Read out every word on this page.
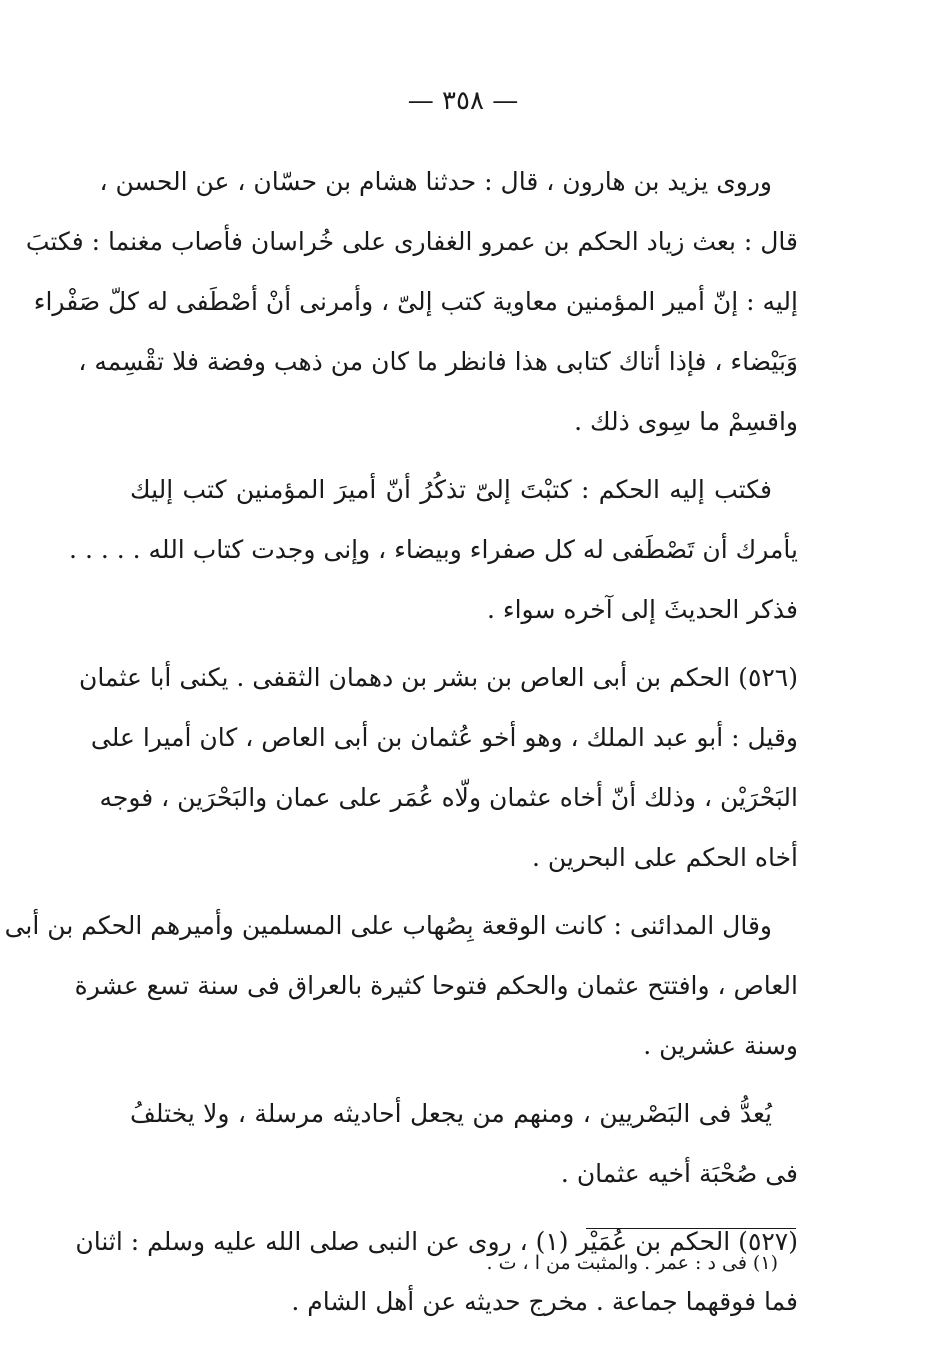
— ٣٥٨ —
وروى يزيد بن هارون ، قال : حدثنا هشام بن حسّان ، عن الحسن ،
قال : بعث زياد الحكم بن عمرو الغفارى على خُراسان فأصاب مغنما : فكتبَ
إليه : إنّ أمير المؤمنين معاوية كتب إلىّ ، وأمرنى أنْ أصْطَفى له كلّ صَفْراء
وَبَيْضاء ، فإذا أتاك كتابى هذا فانظر ما كان من ذهب وفضة فلا تقْسِمه ،
واقسِمْ ما سِوى ذلك .
فكتب إليه الحكم : كتبْتَ إلىّ تذكُرُ أنّ أميرَ المؤمنين كتب إليك
يأمرك أن تَصْطَفى له كل صفراء وبيضاء ، وإنى وجدت كتاب الله . . . . .
فذكر الحديثَ إلى آخره سواء .
(٥٢٦) الحكم بن أبى العاص بن بشر بن دهمان الثقفى . يكنى أبا عثمان
وقيل : أبو عبد الملك ، وهو أخو عُثمان بن أبى العاص ، كان أميرا على
البَحْرَيْن ، وذلك أنّ أخاه عثمان ولّاه عُمَر على عمان والبَحْرَين ، فوجه
أخاه الحكم على البحرين .
وقال المدائنى : كانت الوقعة بِصُهاب على المسلمين وأميرهم الحكم بن أبى
العاص ، وافتتح عثمان والحكم فتوحا كثيرة بالعراق فى سنة تسع عشرة
وسنة عشرين .
يُعدُّ فى البَصْريين ، ومنهم من يجعل أحاديثه مرسلة ، ولا يختلفُ
فى صُحْبَة أخيه عثمان .
(٥٢٧) الحكم بن عُمَيْر (١) ، روى عن النبى صلى الله عليه وسلم : اثنان
فما فوقهما جماعة . مخرج حديثه عن أهل الشام .
(١) فى د : عمر . والمثبت من ا ، ت .
